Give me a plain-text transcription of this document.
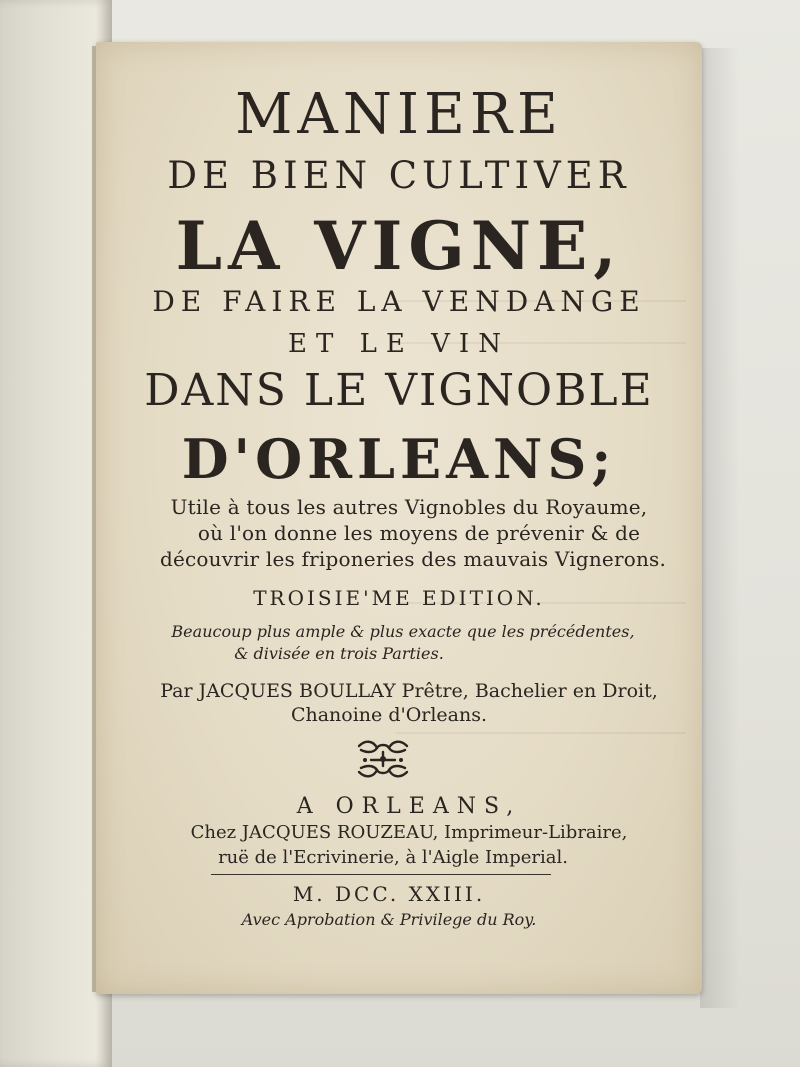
MANIERE
DE BIEN CULTIVER
LA VIGNE,
DE FAIRE LA VENDANGE
ET LE VIN
DANS LE VIGNOBLE
D'ORLEANS;
Utile à tous les autres Vignobles du Royaume,
où l'on donne les moyens de prévenir & de
découvrir les friponeries des mauvais Vignerons.
TROISIE'ME EDITION.
Beaucoup plus ample & plus exacte que les précédentes,
& divisée en trois Parties.
Par JACQUES BOULLAY Prêtre, Bachelier en Droit,
Chanoine d'Orleans.
A ORLEANS,
Chez JACQUES ROUZEAU, Imprimeur-Libraire,
ruë de l'Ecrivinerie, à l'Aigle Imperial.
M. DCC. XXIII.
Avec Aprobation & Privilege du Roy.
